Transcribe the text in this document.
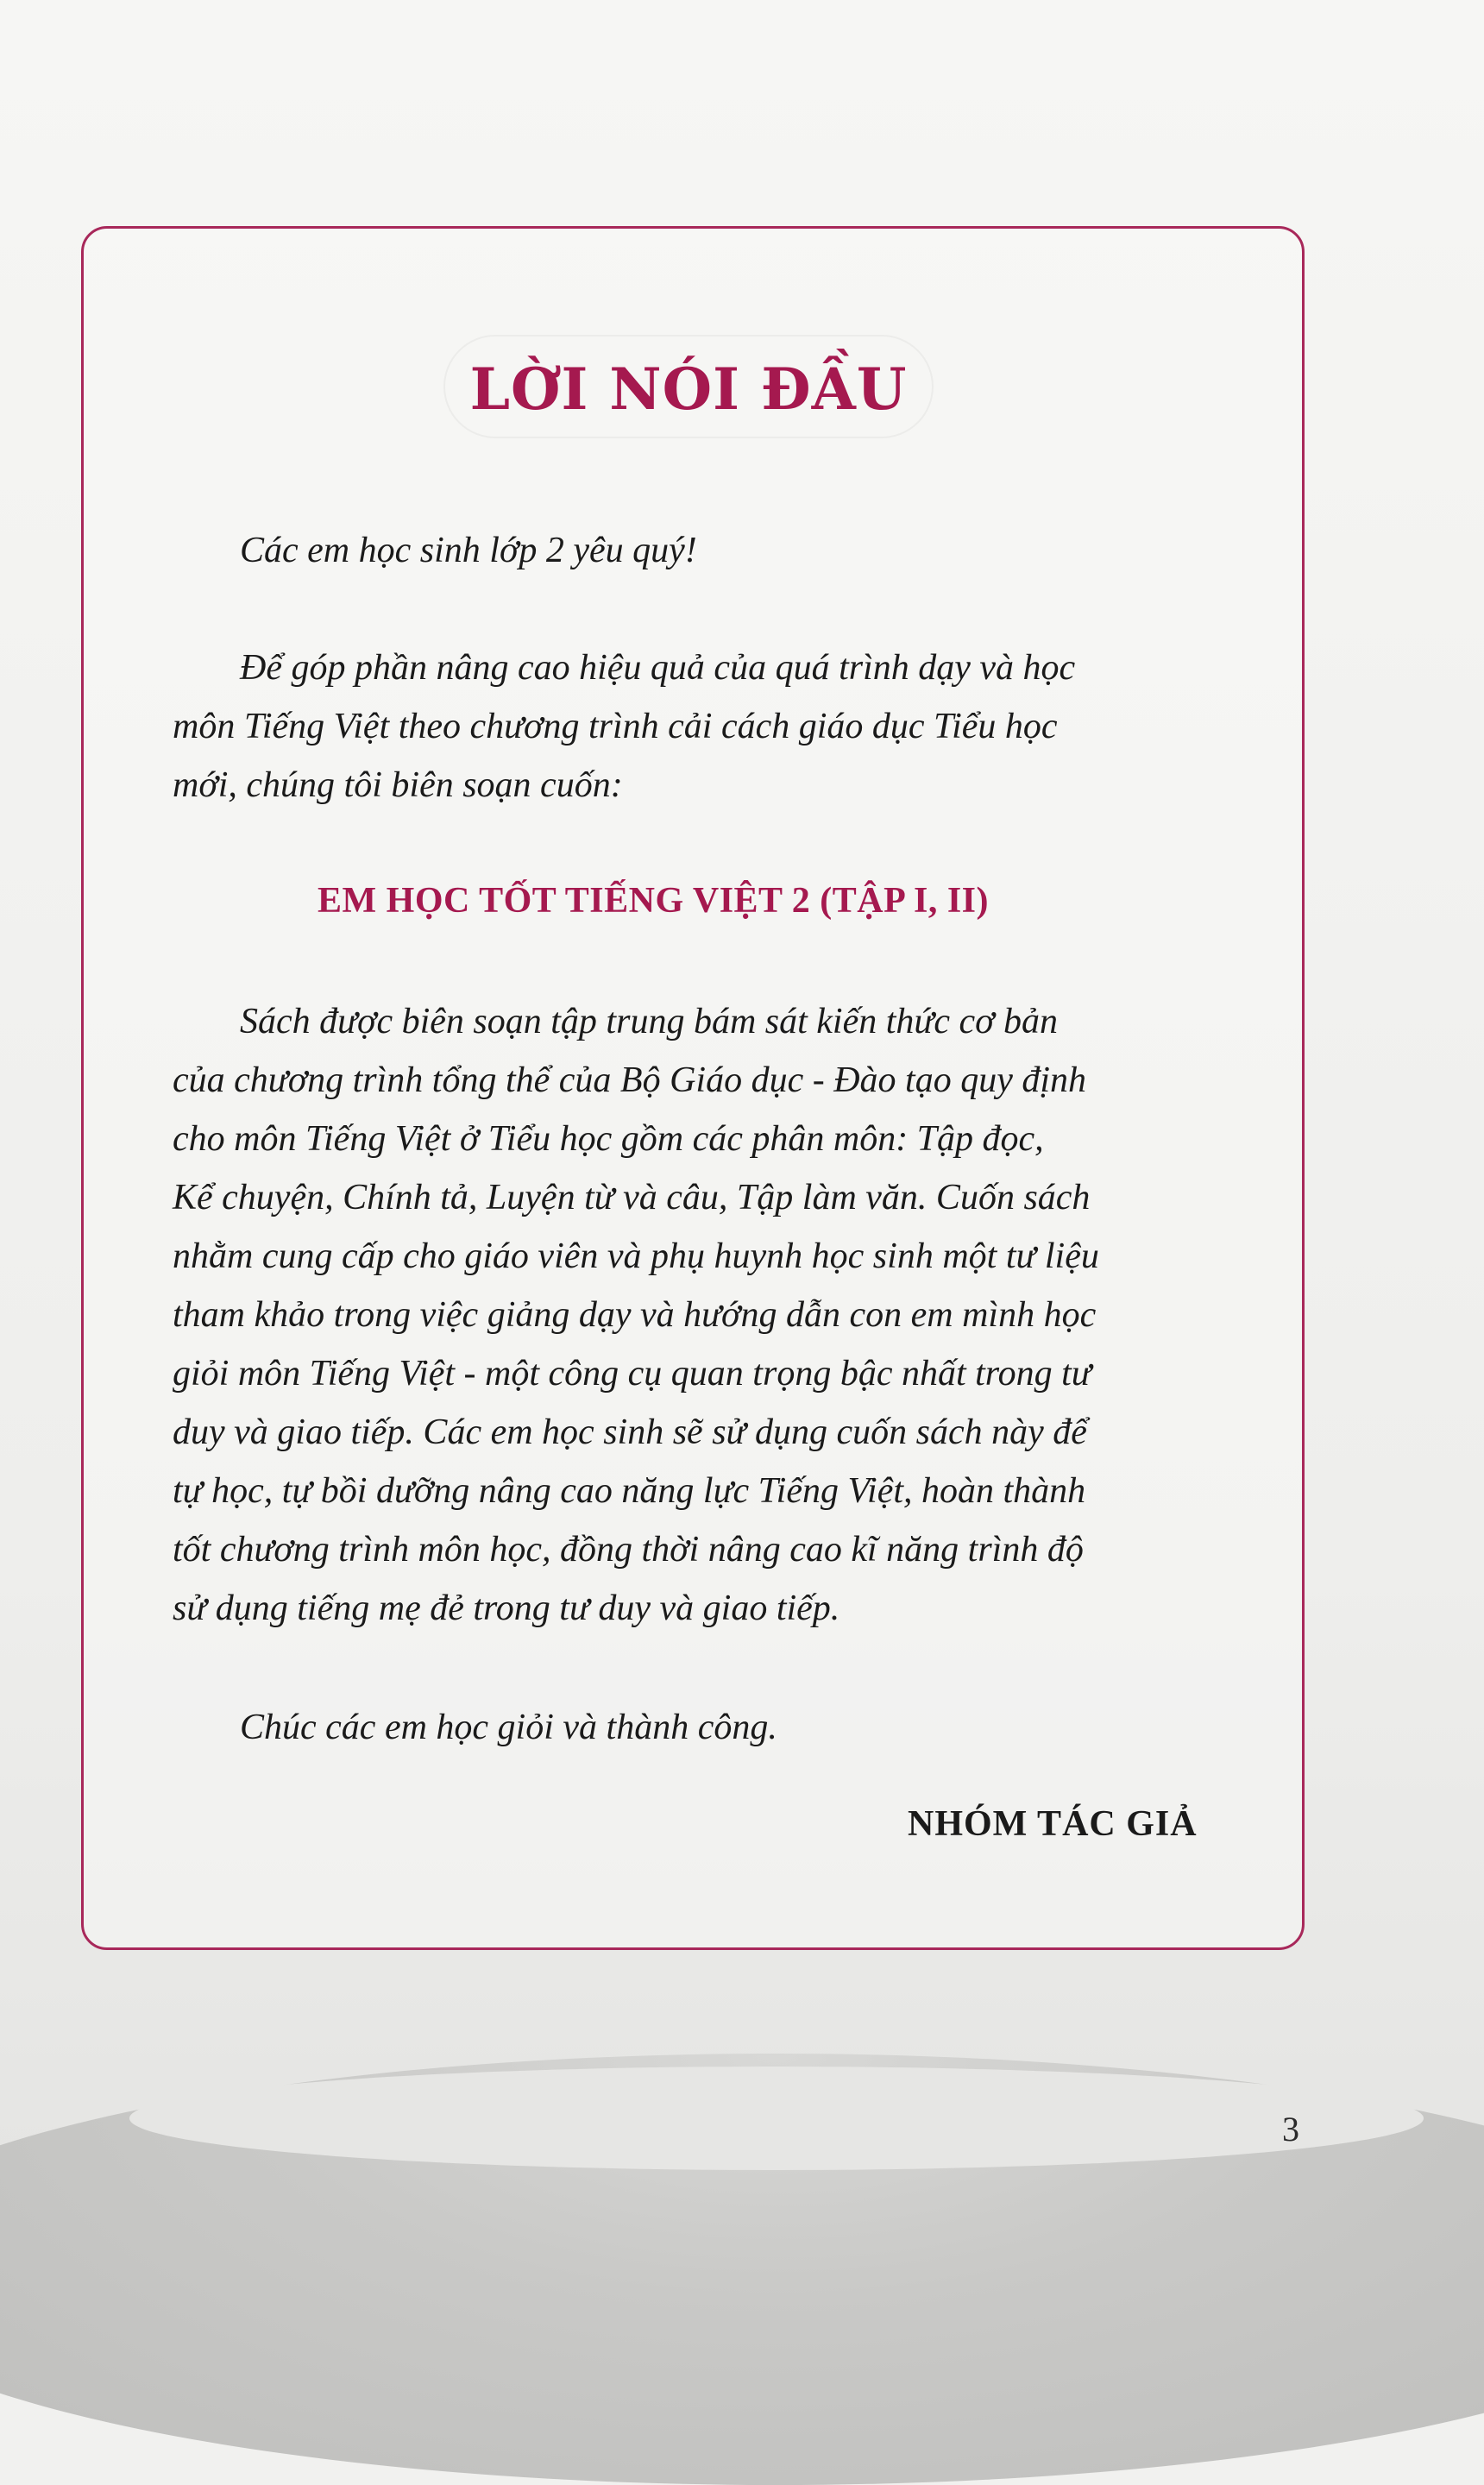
LỜI NÓI ĐẦU

Các em học sinh lớp 2 yêu quý!

Để góp phần nâng cao hiệu quả của quá trình dạy và học
môn Tiếng Việt theo chương trình cải cách giáo dục Tiểu học
mới, chúng tôi biên soạn cuốn:

EM HỌC TỐT TIẾNG VIỆT 2 (TẬP I, II)

Sách được biên soạn tập trung bám sát kiến thức cơ bản
của chương trình tổng thể của Bộ Giáo dục - Đào tạo quy định
cho môn Tiếng Việt ở Tiểu học gồm các phân môn: Tập đọc,
Kể chuyện, Chính tả, Luyện từ và câu, Tập làm văn. Cuốn sách
nhằm cung cấp cho giáo viên và phụ huynh học sinh một tư liệu
tham khảo trong việc giảng dạy và hướng dẫn con em mình học
giỏi môn Tiếng Việt - một công cụ quan trọng bậc nhất trong tư
duy và giao tiếp. Các em học sinh sẽ sử dụng cuốn sách này để
tự học, tự bồi dưỡng nâng cao năng lực Tiếng Việt, hoàn thành
tốt chương trình môn học, đồng thời nâng cao kĩ năng trình độ
sử dụng tiếng mẹ đẻ trong tư duy và giao tiếp.

Chúc các em học giỏi và thành công.

NHÓM TÁC GIẢ
3
